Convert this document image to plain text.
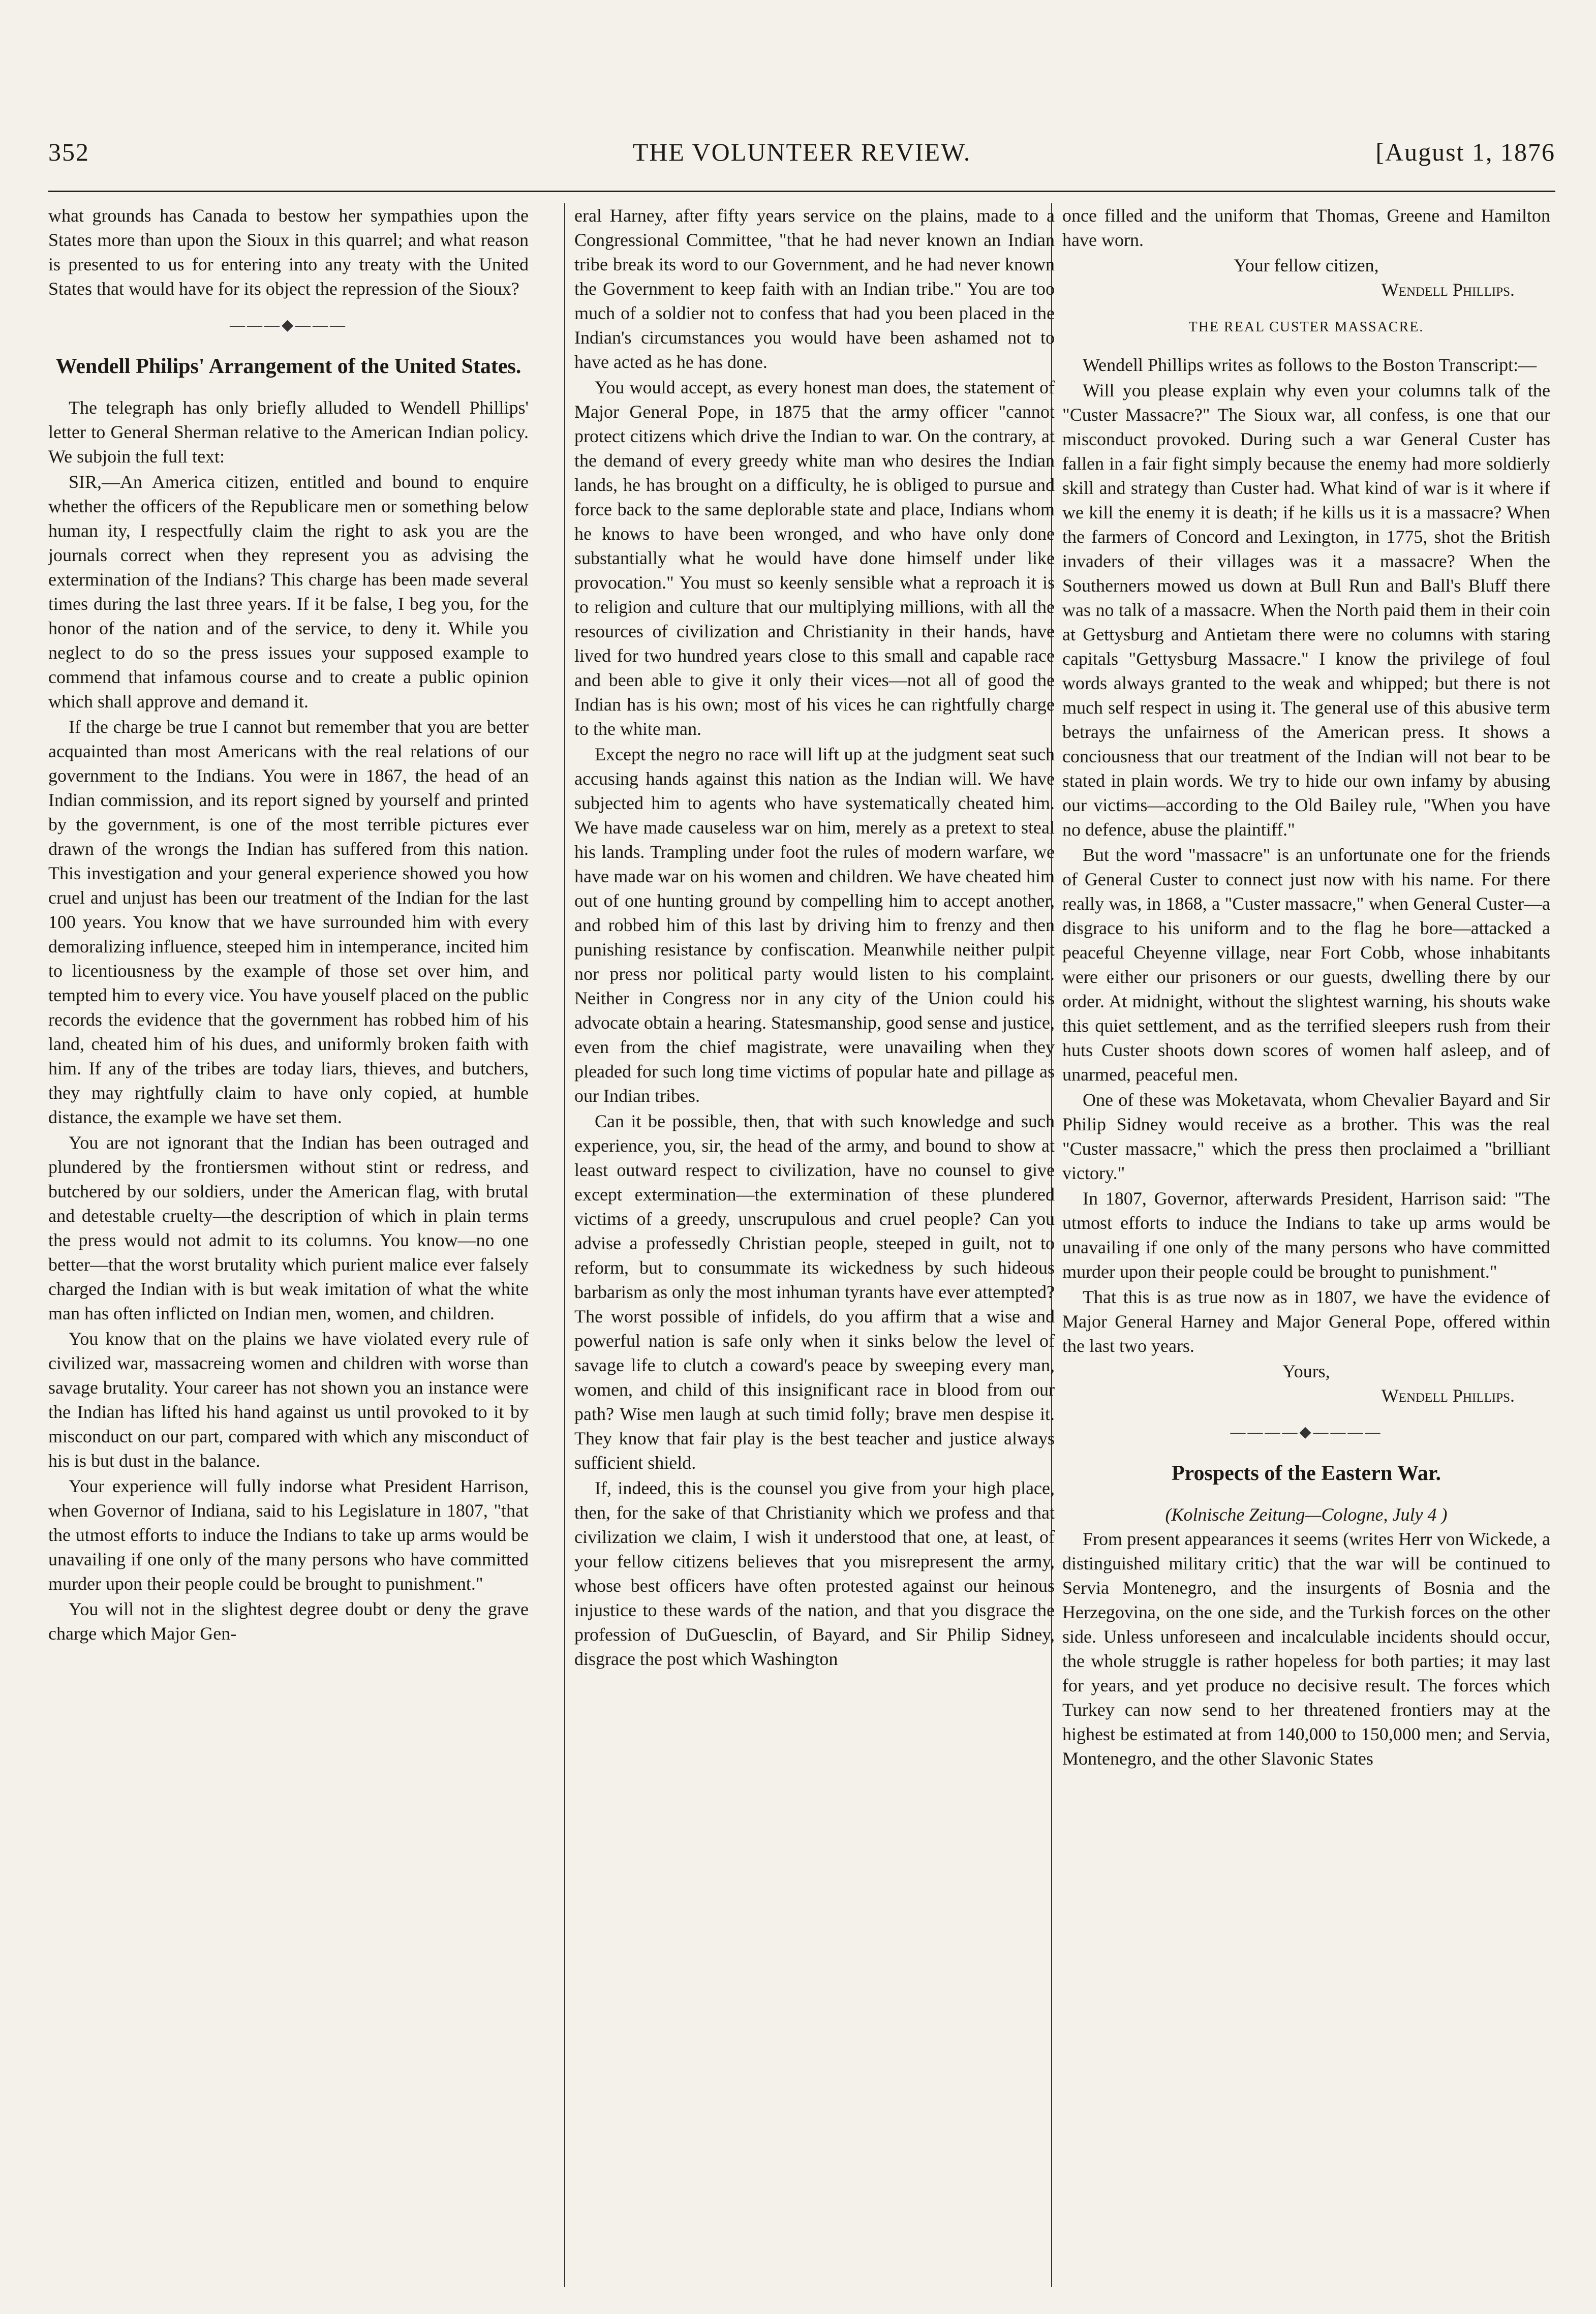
352	THE VOLUNTEER REVIEW.	[August 1, 1876

what grounds has Canada to bestow her sympathies upon the States more than upon the Sioux in this quarrel; and what reason is presented to us for entering into any treaty with the United States that would have for its object the repression of the Sioux?

———◆———
Wendell Philips' Arrangement of the United States.

The telegraph has only briefly alluded to Wendell Phillips' letter to General Sherman relative to the American Indian policy. We subjoin the full text:

SIR,—An America citizen, entitled and bound to enquire whether the officers of the Republicare men or something below human ity, I respectfully claim the right to ask you are the journals correct when they represent you as advising the extermination of the Indians? This charge has been made several times during the last three years. If it be false, I beg you, for the honor of the nation and of the service, to deny it. While you neglect to do so the press issues your supposed example to commend that infamous course and to create a public opinion which shall approve and demand it.

If the charge be true I cannot but remember that you are better acquainted than most Americans with the real relations of our government to the Indians. You were in 1867, the head of an Indian commission, and its report signed by yourself and printed by the government, is one of the most terrible pictures ever drawn of the wrongs the Indian has suffered from this nation. This investigation and your general experience showed you how cruel and unjust has been our treatment of the Indian for the last 100 years. You know that we have surrounded him with every demoralizing influence, steeped him in intemperance, incited him to licentiousness by the example of those set over him, and tempted him to every vice. You have youself placed on the public records the evidence that the government has robbed him of his land, cheated him of his dues, and uniformly broken faith with him. If any of the tribes are today liars, thieves, and butchers, they may rightfully claim to have only copied, at humble distance, the example we have set them.

You are not ignorant that the Indian has been outraged and plundered by the frontiersmen without stint or redress, and butchered by our soldiers, under the American flag, with brutal and detestable cruelty—the description of which in plain terms the press would not admit to its columns. You know—no one better—that the worst brutality which purient malice ever falsely charged the Indian with is but weak imitation of what the white man has often inflicted on Indian men, women, and children.

You know that on the plains we have violated every rule of civilized war, massacreing women and children with worse than savage brutality. Your career has not shown you an instance were the Indian has lifted his hand against us until provoked to it by misconduct on our part, compared with which any misconduct of his is but dust in the balance.

Your experience will fully indorse what President Harrison, when Governor of Indiana, said to his Legislature in 1807, "that the utmost efforts to induce the Indians to take up arms would be unavailing if one only of the many persons who have committed murder upon their people could be brought to punishment."

You will not in the slightest degree doubt or deny the grave charge which Major Gen-

eral Harney, after fifty years service on the plains, made to a Congressional Committee, "that he had never known an Indian tribe break its word to our Government, and he had never known the Government to keep faith with an Indian tribe." You are too much of a soldier not to confess that had you been placed in the Indian's circumstances you would have been ashamed not to have acted as he has done.

You would accept, as every honest man does, the statement of Major General Pope, in 1875 that the army officer "cannot protect citizens which drive the Indian to war. On the contrary, at the demand of every greedy white man who desires the Indian lands, he has brought on a difficulty, he is obliged to pursue and force back to the same deplorable state and place, Indians whom he knows to have been wronged, and who have only done substantially what he would have done himself under like provocation." You must so keenly sensible what a reproach it is to religion and culture that our multiplying millions, with all the resources of civilization and Christianity in their hands, have lived for two hundred years close to this small and capable race and been able to give it only their vices—not all of good the Indian has is his own; most of his vices he can rightfully charge to the white man.

Except the negro no race will lift up at the judgment seat such accusing hands against this nation as the Indian will. We have subjected him to agents who have systematically cheated him. We have made causeless war on him, merely as a pretext to steal his lands. Trampling under foot the rules of modern warfare, we have made war on his women and children. We have cheated him out of one hunting ground by compelling him to accept another, and robbed him of this last by driving him to frenzy and then punishing resistance by confiscation. Meanwhile neither pulpit nor press nor political party would listen to his complaint. Neither in Congress nor in any city of the Union could his advocate obtain a hearing. Statesmanship, good sense and justice, even from the chief magistrate, were unavailing when they pleaded for such long time victims of popular hate and pillage as our Indian tribes.

Can it be possible, then, that with such knowledge and such experience, you, sir, the head of the army, and bound to show at least outward respect to civilization, have no counsel to give except extermination—the extermination of these plundered victims of a greedy, unscrupulous and cruel people? Can you advise a professedly Christian people, steeped in guilt, not to reform, but to consummate its wickedness by such hideous barbarism as only the most inhuman tyrants have ever attempted? The worst possible of infidels, do you affirm that a wise and powerful nation is safe only when it sinks below the level of savage life to clutch a coward's peace by sweeping every man, women, and child of this insignificant race in blood from our path? Wise men laugh at such timid folly; brave men despise it. They know that fair play is the best teacher and justice always sufficient shield.

If, indeed, this is the counsel you give from your high place, then, for the sake of that Christianity which we profess and that civilization we claim, I wish it understood that one, at least, of your fellow citizens believes that you misrepresent the army, whose best officers have often protested against our heinous injustice to these wards of the nation, and that you disgrace the profession of DuGuesclin, of Bayard, and Sir Philip Sidney, disgrace the post which Washington

once filled and the uniform that Thomas, Greene and Hamilton have worn.

Your fellow citizen,
Wendell Phillips.
THE REAL CUSTER MASSACRE.

Wendell Phillips writes as follows to the Boston Transcript:—

Will you please explain why even your columns talk of the "Custer Massacre?" The Sioux war, all confess, is one that our misconduct provoked. During such a war General Custer has fallen in a fair fight simply because the enemy had more soldierly skill and strategy than Custer had. What kind of war is it where if we kill the enemy it is death; if he kills us it is a massacre? When the farmers of Concord and Lexington, in 1775, shot the British invaders of their villages was it a massacre? When the Southerners mowed us down at Bull Run and Ball's Bluff there was no talk of a massacre. When the North paid them in their coin at Gettysburg and Antietam there were no columns with staring capitals "Gettysburg Massacre." I know the privilege of foul words always granted to the weak and whipped; but there is not much self respect in using it. The general use of this abusive term betrays the unfairness of the American press. It shows a conciousness that our treatment of the Indian will not bear to be stated in plain words. We try to hide our own infamy by abusing our victims—according to the Old Bailey rule, "When you have no defence, abuse the plaintiff."

But the word "massacre" is an unfortunate one for the friends of General Custer to connect just now with his name. For there really was, in 1868, a "Custer massacre," when General Custer—a disgrace to his uniform and to the flag he bore—attacked a peaceful Cheyenne village, near Fort Cobb, whose inhabitants were either our prisoners or our guests, dwelling there by our order. At midnight, without the slightest warning, his shouts wake this quiet settlement, and as the terrified sleepers rush from their huts Custer shoots down scores of women half asleep, and of unarmed, peaceful men.

One of these was Moketavata, whom Chevalier Bayard and Sir Philip Sidney would receive as a brother. This was the real "Custer massacre," which the press then proclaimed a "brilliant victory."

In 1807, Governor, afterwards President, Harrison said: "The utmost efforts to induce the Indians to take up arms would be unavailing if one only of the many persons who have committed murder upon their people could be brought to punishment."

That this is as true now as in 1807, we have the evidence of Major General Harney and Major General Pope, offered within the last two years.

Yours,
Wendell Phillips.
————◆————
Prospects of the Eastern War.
(Kolnische Zeitung—Cologne, July 4 )

From present appearances it seems (writes Herr von Wickede, a distinguished military critic) that the war will be continued to Servia Montenegro, and the insurgents of Bosnia and the Herzegovina, on the one side, and the Turkish forces on the other side. Unless unforeseen and incalculable incidents should occur, the whole struggle is rather hopeless for both parties; it may last for years, and yet produce no decisive result. The forces which Turkey can now send to her threatened frontiers may at the highest be estimated at from 140,000 to 150,000 men; and Servia, Montenegro, and the other Slavonic States
